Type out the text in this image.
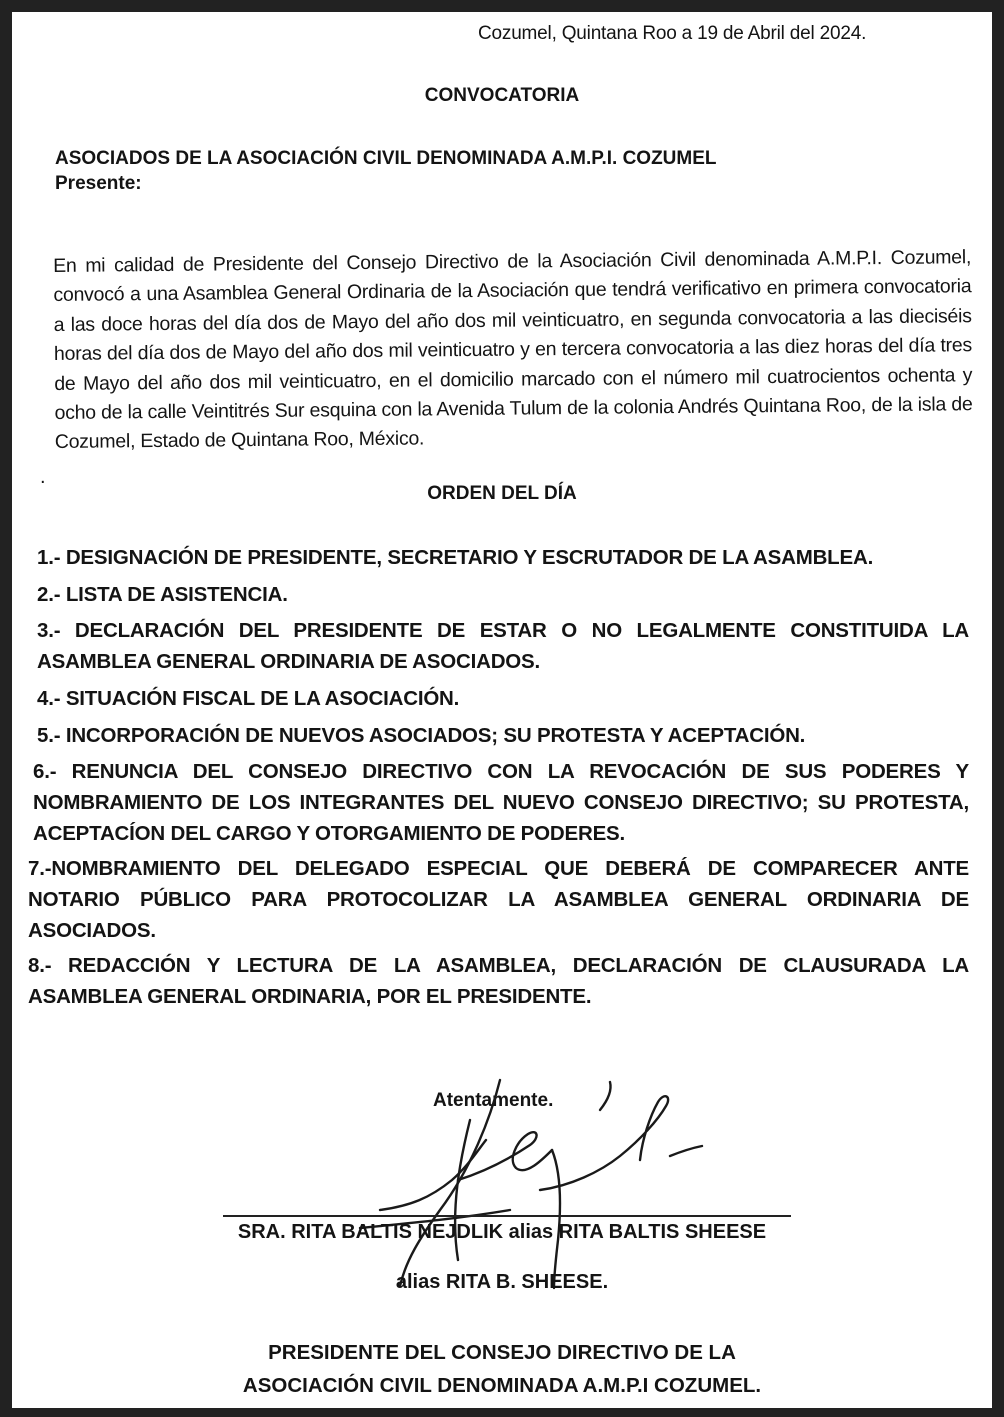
Cozumel, Quintana Roo a 19 de Abril del 2024.
CONVOCATORIA
ASOCIADOS DE LA ASOCIACIÓN CIVIL DENOMINADA A.M.P.I. COZUMEL
Presente:
En mi calidad de Presidente del Consejo Directivo de la Asociación Civil denominada A.M.P.I. Cozumel, convocó a una Asamblea General Ordinaria de la Asociación que tendrá verificativo en primera convocatoria a las doce horas del día dos de Mayo del año dos mil veinticuatro, en segunda convocatoria a las dieciséis horas del día dos de Mayo del año dos mil veinticuatro y en tercera convocatoria a las diez horas del día tres de Mayo del año dos mil veinticuatro, en el domicilio marcado con el número mil cuatrocientos ochenta y ocho de la calle Veintitrés Sur esquina con la Avenida Tulum de la colonia Andrés Quintana Roo, de la isla de Cozumel, Estado de Quintana Roo, México.
.
ORDEN DEL DÍA
1.- DESIGNACIÓN DE PRESIDENTE, SECRETARIO Y ESCRUTADOR DE LA ASAMBLEA.
2.- LISTA DE ASISTENCIA.
3.- DECLARACIÓN DEL PRESIDENTE DE ESTAR O NO LEGALMENTE CONSTITUIDA LA ASAMBLEA GENERAL ORDINARIA DE ASOCIADOS.
4.- SITUACIÓN FISCAL DE LA ASOCIACIÓN.
5.- INCORPORACIÓN DE NUEVOS ASOCIADOS; SU PROTESTA Y ACEPTACIÓN.
6.- RENUNCIA DEL CONSEJO DIRECTIVO CON LA REVOCACIÓN DE SUS PODERES Y NOMBRAMIENTO DE LOS INTEGRANTES DEL NUEVO CONSEJO DIRECTIVO; SU PROTESTA, ACEPTACÍON DEL CARGO Y OTORGAMIENTO DE PODERES.
7.-NOMBRAMIENTO DEL DELEGADO ESPECIAL QUE DEBERÁ DE COMPARECER ANTE NOTARIO PÚBLICO PARA PROTOCOLIZAR LA ASAMBLEA GENERAL ORDINARIA DE ASOCIADOS.
8.- REDACCIÓN Y LECTURA DE LA ASAMBLEA, DECLARACIÓN DE CLAUSURADA LA ASAMBLEA GENERAL ORDINARIA, POR EL PRESIDENTE.
Atentamente.
SRA. RITA BALTIS NEJDLIK alias RITA BALTIS SHEESE
alias RITA B. SHEESE.
PRESIDENTE DEL CONSEJO DIRECTIVO DE LA
ASOCIACIÓN CIVIL DENOMINADA A.M.P.I COZUMEL.
